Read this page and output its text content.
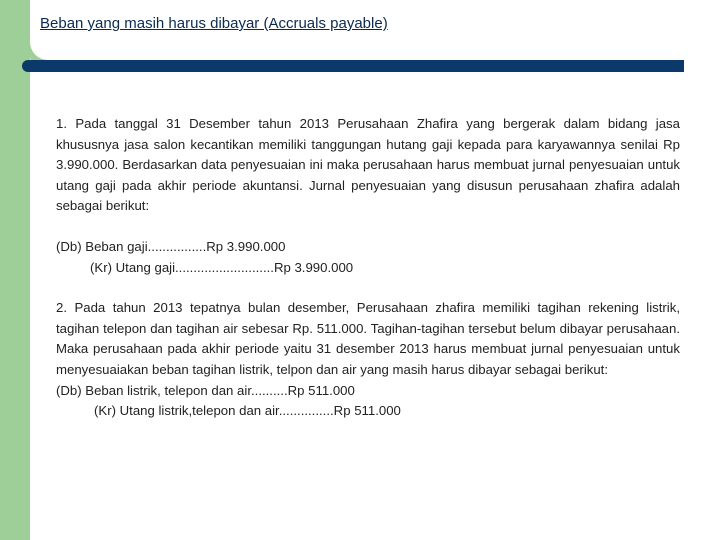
Beban yang masih harus dibayar (Accruals payable)

1. Pada tanggal 31 Desember tahun 2013 Perusahaan Zhafira yang bergerak dalam bidang jasa khususnya jasa salon kecantikan memiliki tanggungan hutang gaji kepada para karyawannya senilai Rp 3.990.000. Berdasarkan data penyesuaian ini maka perusahaan harus membuat jurnal penyesuaian untuk utang gaji pada akhir periode akuntansi. Jurnal penyesuaian yang disusun perusahaan zhafira adalah sebagai berikut:

(Db) Beban gaji................Rp 3.990.000

(Kr) Utang gaji...........................Rp 3.990.000

2. Pada tahun 2013 tepatnya bulan desember, Perusahaan zhafira memiliki tagihan rekening listrik, tagihan telepon dan tagihan air sebesar Rp. 511.000. Tagihan-tagihan tersebut belum dibayar perusahaan. Maka perusahaan pada akhir periode yaitu 31 desember 2013 harus membuat jurnal penyesuaian untuk menyesuaiakan beban tagihan listrik, telpon dan air yang masih harus dibayar sebagai berikut:

(Db) Beban listrik, telepon dan air..........Rp 511.000

(Kr) Utang listrik,telepon dan air...............Rp 511.000
